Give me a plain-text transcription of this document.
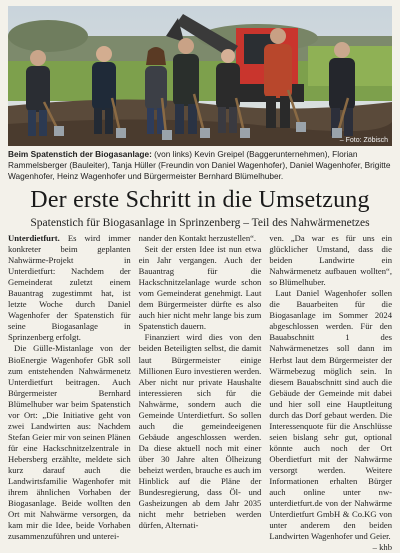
– Foto: Zöbisch
Beim Spatenstich der Biogasanlage: (von links) Kevin Greipel (Baggerunternehmen), Florian Rammelsberger (Bauleiter), Tanja Hüller (Freundin von Daniel Wagenhofer), Daniel Wagenhofer, Brigitte Wagenhofer, Heinz Wagenhofer und Bürgermeister Bernhard Blümelhuber.
Der erste Schritt in die Umsetzung
Spatenstich für Biogasanlage in Sprinzenberg – Teil des Nahwärmenetzes

Unterdietfurt. Es wird immer konkreter beim geplanten Nahwärme-Projekt in Unterdietfurt: Nachdem der Gemeinderat zuletzt einem Bauantrag zugestimmt hat, ist letzte Woche durch Daniel Wagenhofer der Spatenstich für seine Biogasanlage in Sprinzenberg erfolgt.

Die Gülle-Mistanlage von der BioEnergie Wagenhofer GbR soll zum entstehenden Nahwärmenetz Unterdietfurt beitragen. Auch Bürgermeister Bernhard Blümelhuber war beim Spatenstich vor Ort: „Die Initiative geht von zwei Landwirten aus: Nachdem Stefan Geier mir von seinen Plänen für eine Hackschnitzelzentrale in Hebersberg erzählte, meldete sich kurz darauf auch die Landwirtsfamilie Wagenhofer mit ihrem ähnlichen Vorhaben der Biogasanlage. Beide wollten den Ort mit Nahwärme versorgen, da kam mir die Idee, beide Vorhaben zusammenzuführen und unterei-

nander den Kontakt herzustellen“.

Seit der ersten Idee ist nun etwa ein Jahr vergangen. Auch der Bauantrag für die Hackschnitzelanlage wurde schon vom Gemeinderat genehmigt. Laut dem Bürgermeister dürfte es also auch hier nicht mehr lange bis zum Spatenstich dauern.

Finanziert wird dies von den beiden Beteiligten selbst, die damit laut Bürgermeister einige Millionen Euro investieren werden. Aber nicht nur private Haushalte interessieren sich für die Nahwärme, sondern auch die Gemeinde Unterdietfurt. So sollen auch die gemeindeeigenen Gebäude angeschlossen werden. Da diese aktuell noch mit einer über 30 Jahre alten Ölheizung beheizt werden, brauche es auch im Hinblick auf die Pläne der Bundesregierung, dass Öl- und Gasheizungen ab dem Jahr 2035 nicht mehr betrieben werden dürfen, Alternati-

ven. „Da war es für uns ein glücklicher Umstand, dass die beiden Landwirte ein Nahwärmenetz aufbauen wollten“, so Blümelhuber.

Laut Daniel Wagenhofer sollen die Bauarbeiten für die Biogasanlage im Sommer 2024 abgeschlossen werden. Für den Bauabschnitt 1 des Nahwärmenetzes soll dann im Herbst laut dem Bürgermeister der Wärmebezug möglich sein. In diesem Bauabschnitt sind auch die Gebäude der Gemeinde mit dabei und hier soll eine Hauptleitung durch das Dorf gebaut werden. Die Interessenquote für die Anschlüsse seien bislang sehr gut, optional könnte auch noch der Ort Oberdietfurt mit der Nahwärme versorgt werden. Weitere Informationen erhalten Bürger auch online unter nw-unterdietfurt.de von der Nahwärme Unterdietfurt GmbH & Co.KG von unter anderem den beiden Landwirten Wagenhofer und Geier.

– khb
